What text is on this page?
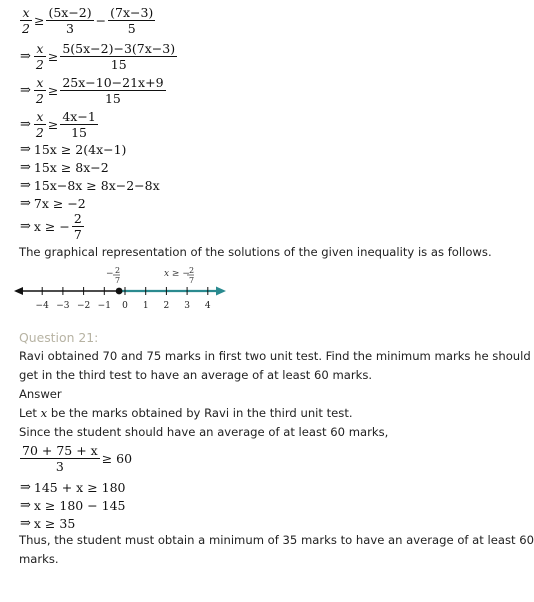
$\frac{x}{2} \ge \frac{(5x-2)}{3} - \frac{(7x-3)}{5}$
⇒ $\frac{x}{2} \ge \frac{5(5x-2)-3(7x-3)}{15}$
⇒ $\frac{x}{2} \ge \frac{25x-10-21x+9}{15}$
⇒ $\frac{x}{2} \ge \frac{4x-1}{15}$
⇒ 15x ≥ 2(4x−1)
⇒ 15x ≥ 8x−2
⇒ 15x−8x ≥ 8x−2−8x
⇒ 7x ≥ −2
⇒ x ≥ − $\frac{2}{7}$
The graphical representation of the solutions of the given inequality is as follows.
−4 −3 −2 −1 0 1 2 3 4
− 2
7
x ≥ − 2
7
Question 21:
Ravi obtained 70 and 75 marks in first two unit test. Find the minimum marks he should
get in the third test to have an average of at least 60 marks.
Answer
Let x be the marks obtained by Ravi in the third unit test.
Since the student should have an average of at least 60 marks,
$\frac{70 + 75 + x}{3} \ge 60$
⇒ 145 + x ≥ 180
⇒ x ≥ 180 − 145
⇒ x ≥ 35
Thus, the student must obtain a minimum of 35 marks to have an average of at least 60
marks.
